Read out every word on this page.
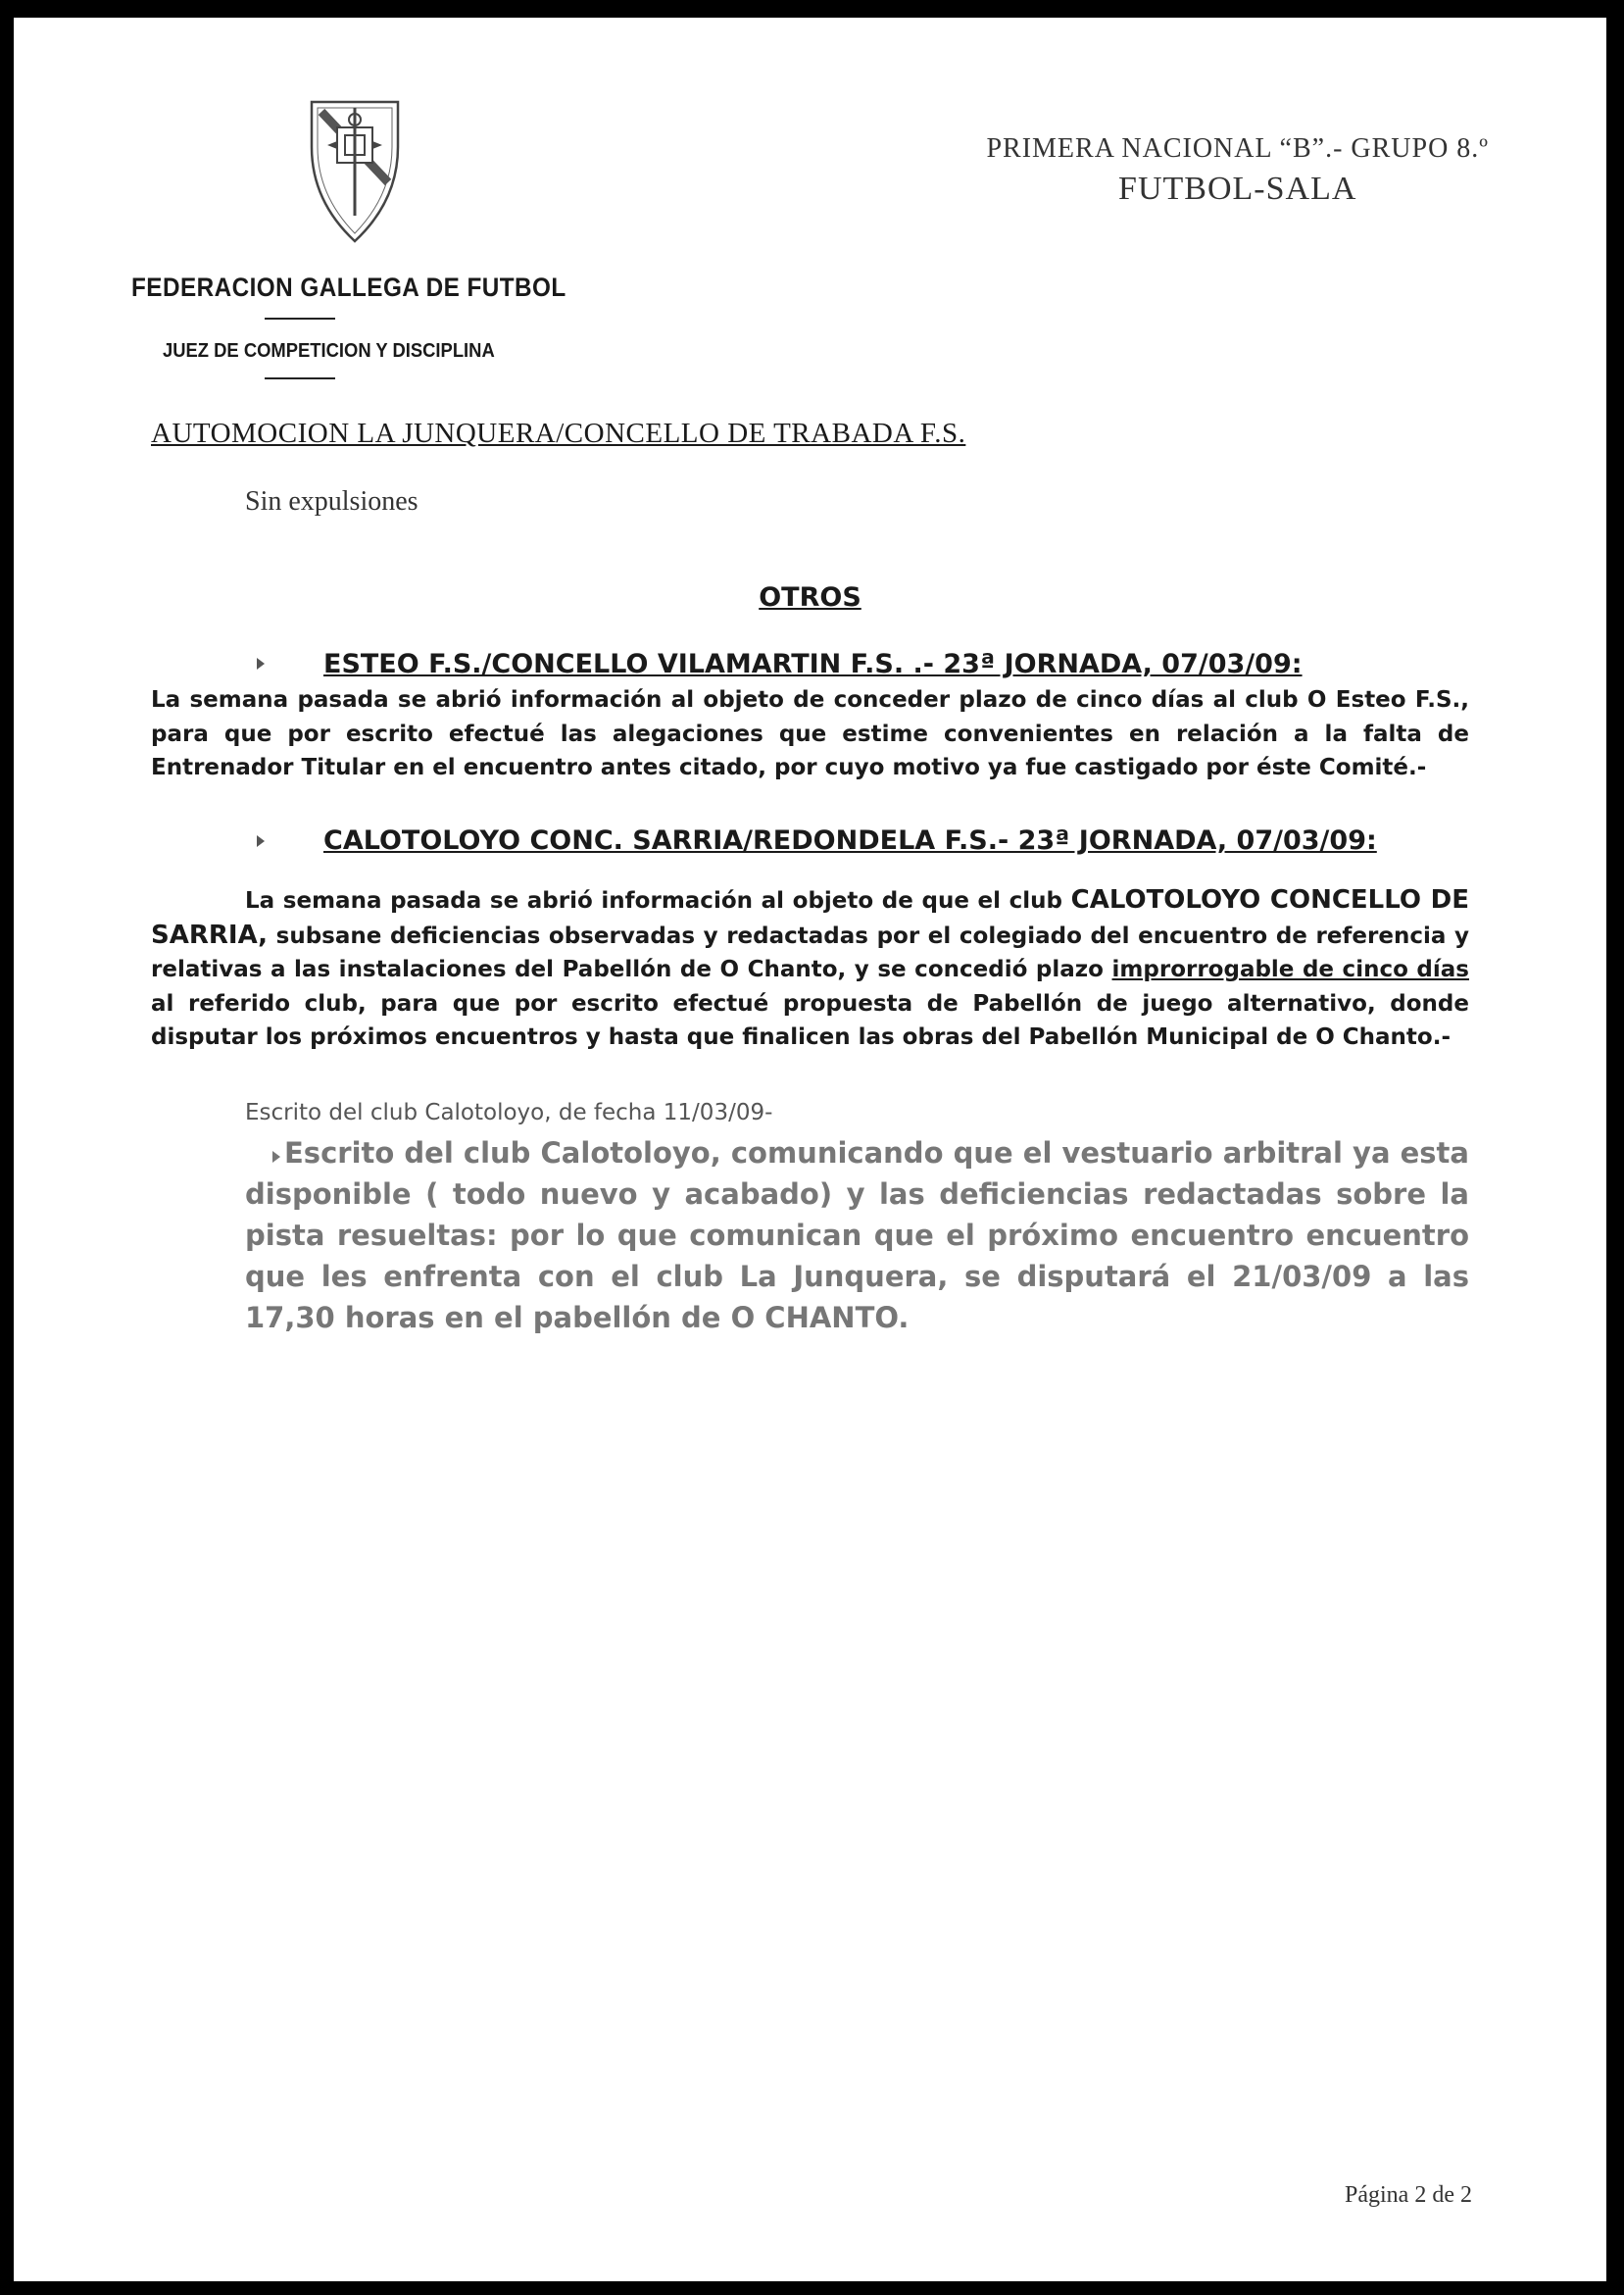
FEDERACION GALLEGA DE FUTBOL
JUEZ DE COMPETICION Y DISCIPLINA
PRIMERA NACIONAL “B”.- GRUPO 8.º
FUTBOL-SALA
AUTOMOCION LA JUNQUERA/CONCELLO DE TRABADA F.S.
Sin expulsiones
OTROS
ESTEO F.S./CONCELLO VILAMARTIN F.S. .- 23ª JORNADA, 07/03/09:

La semana pasada se abrió información al objeto de conceder plazo de cinco días al club O Esteo F.S., para que por escrito efectué las alegaciones que estime convenientes en relación a la falta de Entrenador Titular en el encuentro antes citado, por cuyo motivo ya fue castigado por éste Comité.-

CALOTOLOYO CONC. SARRIA/REDONDELA F.S.- 23ª JORNADA, 07/03/09:

La semana pasada se abrió información al objeto de que el club CALOTOLOYO CONCELLO DE SARRIA, subsane deficiencias observadas y redactadas por el colegiado del encuentro de referencia y relativas a las instalaciones del Pabellón de O Chanto, y se concedió plazo improrrogable de cinco días al referido club, para que por escrito efectué propuesta de Pabellón de juego alternativo, donde disputar los próximos encuentros y hasta que finalicen las obras del Pabellón Municipal de O Chanto.-

Escrito del club Calotoloyo, de fecha 11/03/09-

Escrito del club Calotoloyo, comunicando que el vestuario arbitral ya esta disponible ( todo nuevo y acabado) y las deficiencias redactadas sobre la pista resueltas: por lo que comunican que el próximo encuentro encuentro que les enfrenta con el club La Junquera, se disputará el 21/03/09 a las 17,30 horas en el pabellón de O CHANTO.

Página 2 de 2
